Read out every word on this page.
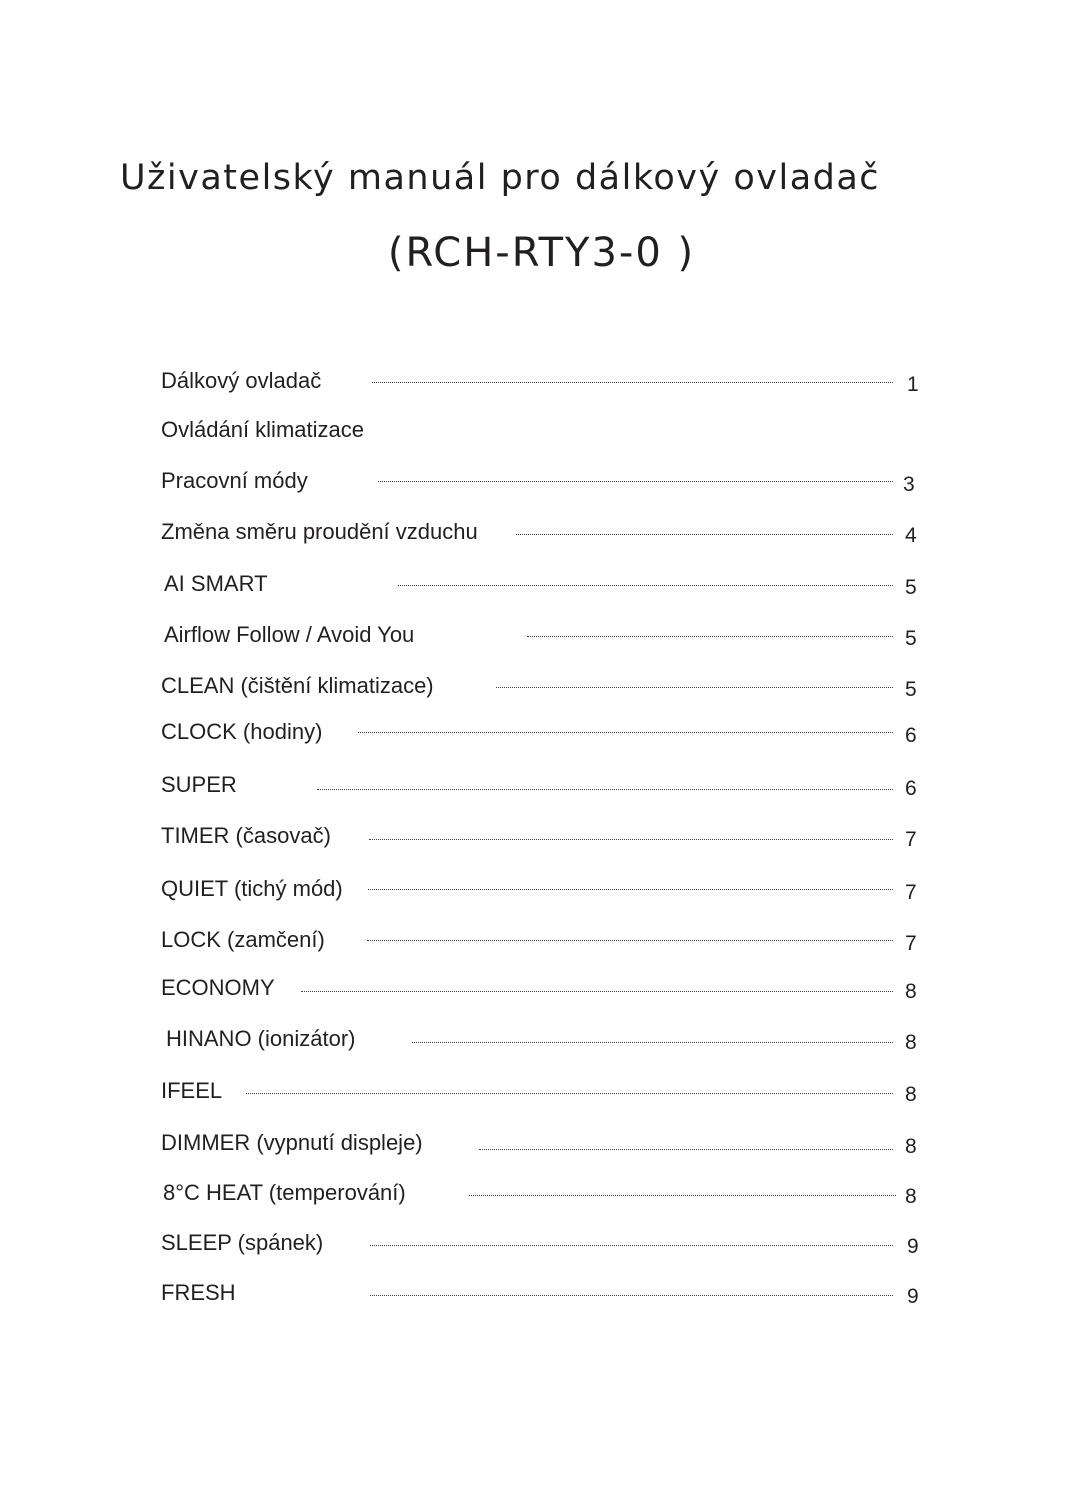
Uživatelský manuál pro dálkový ovladač
(RCH-RTY3-0 )
Dálkový ovladač	1
Ovládání klimatizace
Pracovní módy	3
Změna směru proudění vzduchu	4
AI SMART	5
Airflow Follow / Avoid You	5
CLEAN (čištění klimatizace)	5
CLOCK (hodiny)	6
SUPER	6
TIMER (časovač)	7
QUIET (tichý mód)	7
LOCK (zamčení)	7
ECONOMY	8
HINANO (ionizátor)	8
IFEEL	8
DIMMER (vypnutí displeje)	8
8°C HEAT (temperování)	8
SLEEP (spánek)	9
FRESH	9
